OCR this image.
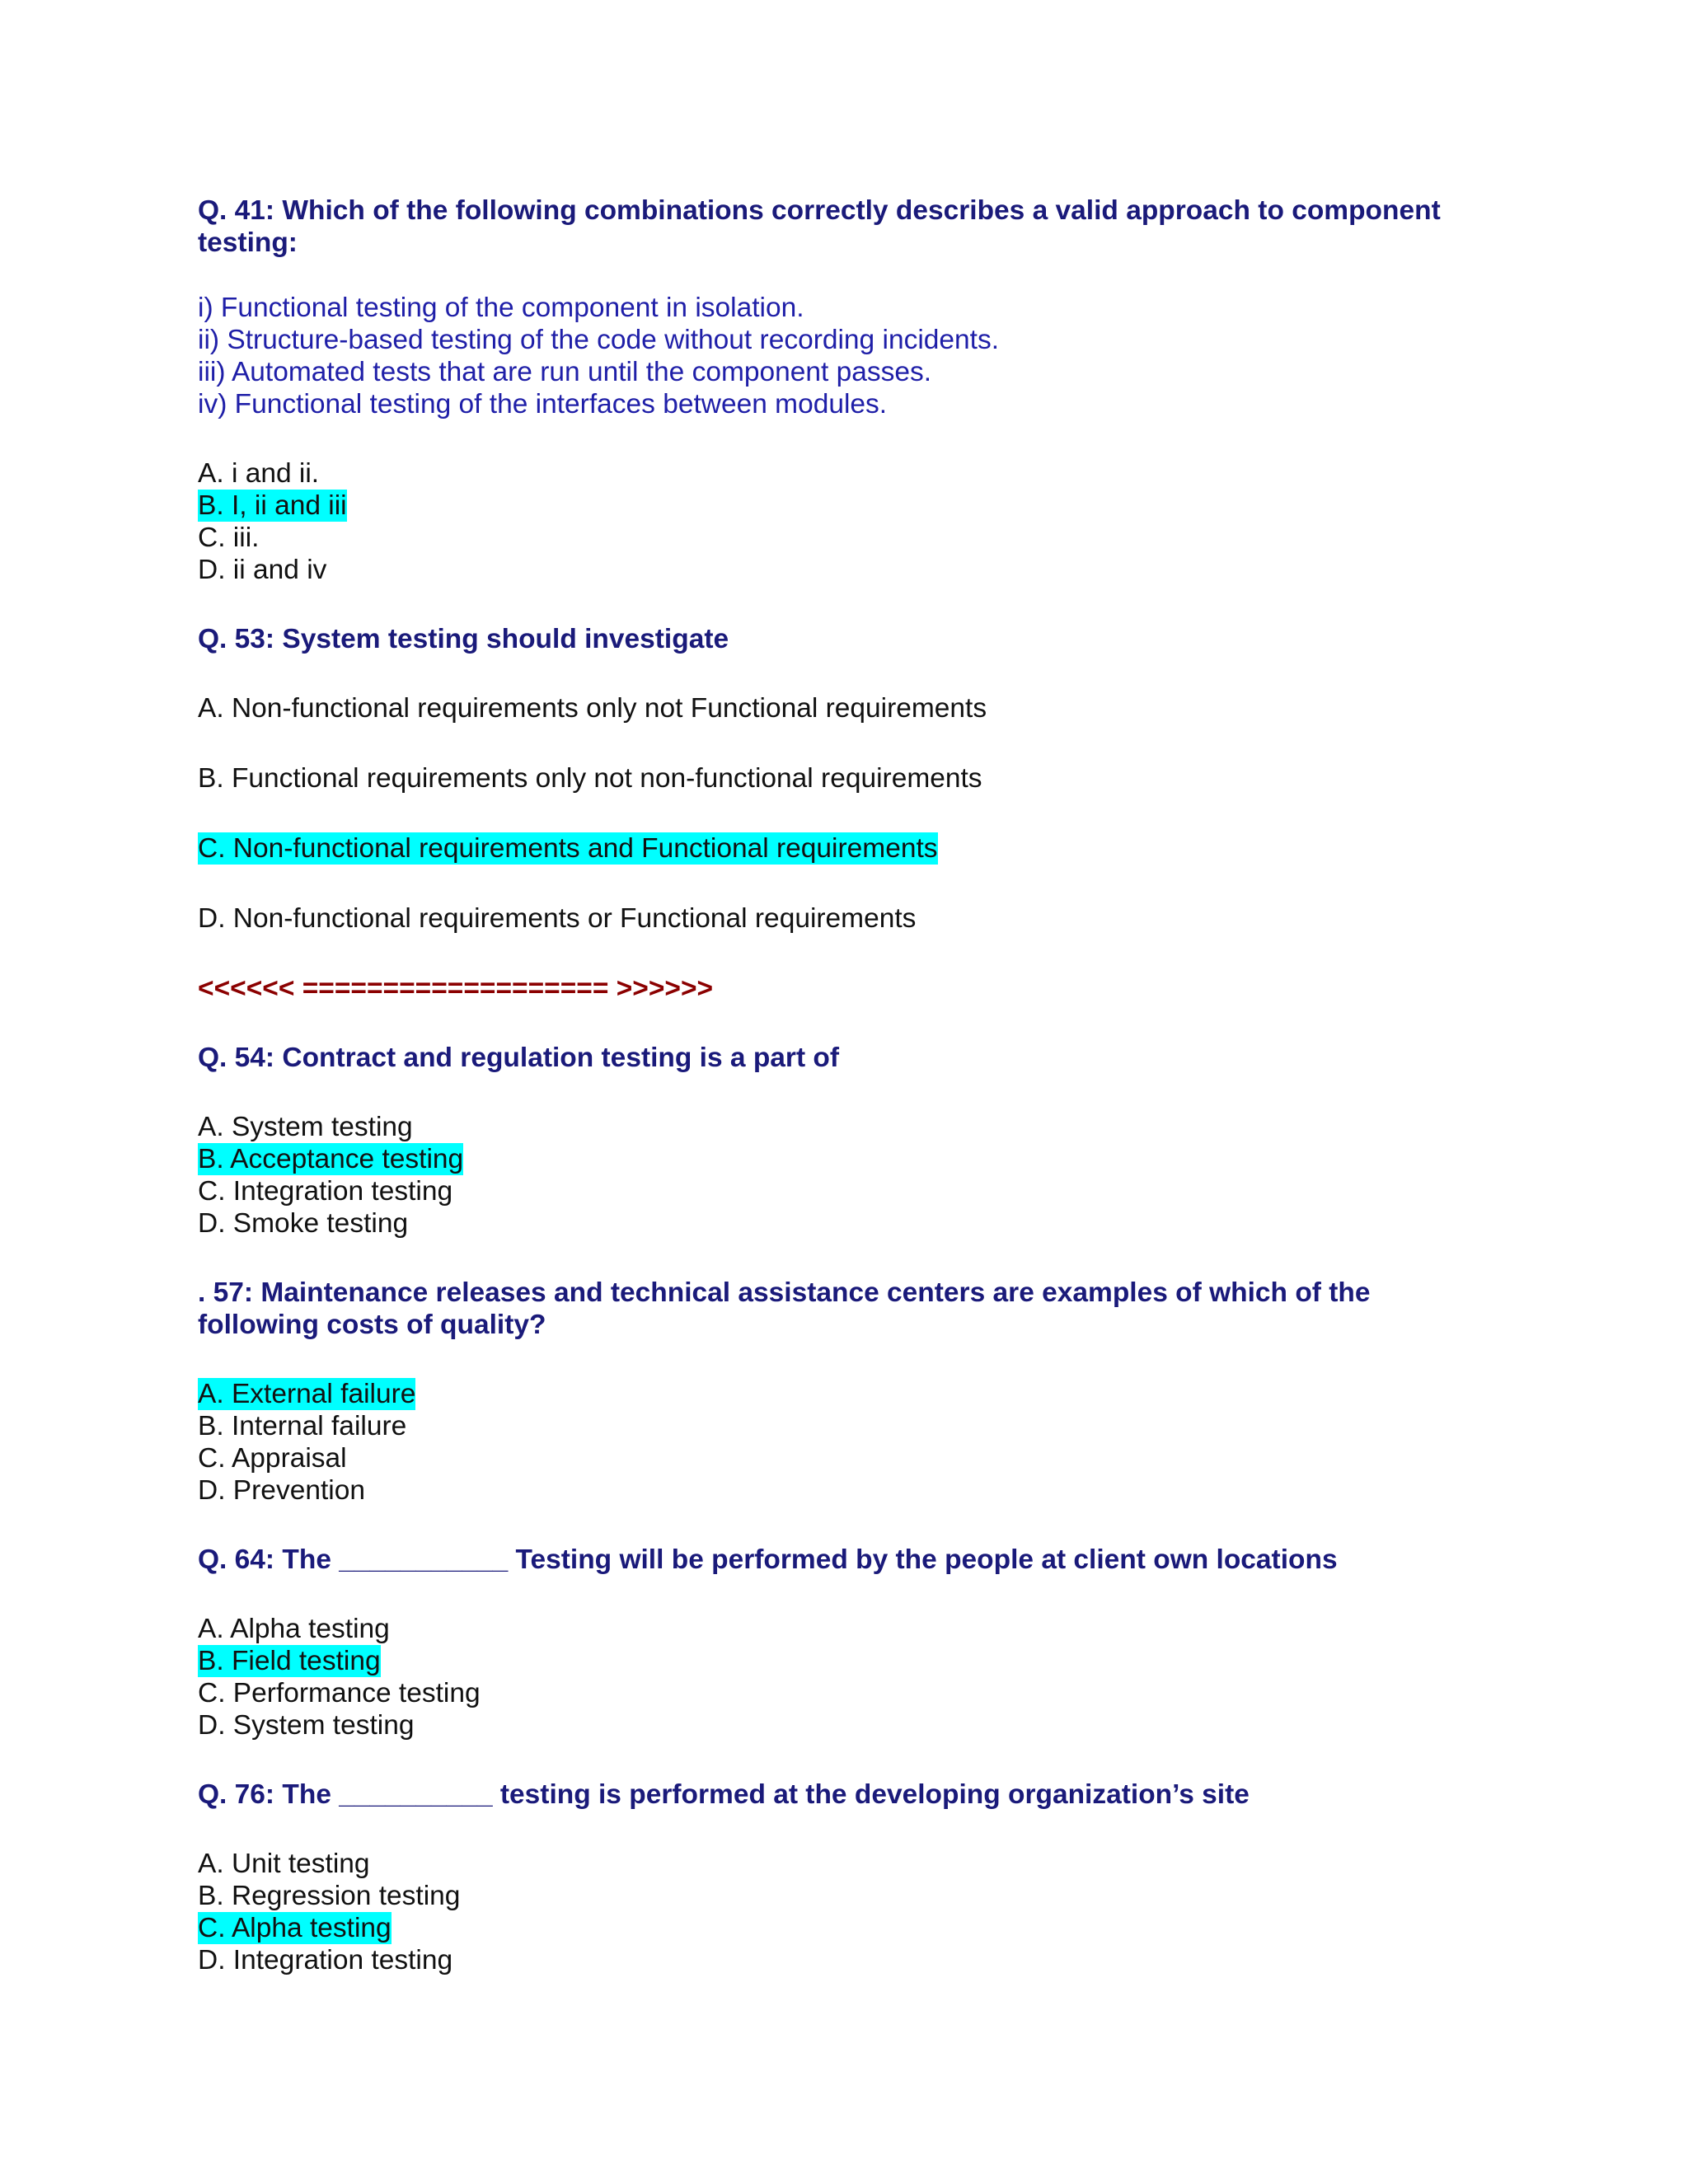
Q. 41: Which of the following combinations correctly describes a valid approach to component testing:

i) Functional testing of the component in isolation.

ii) Structure-based testing of the code without recording incidents.

iii) Automated tests that are run until the component passes.

iv) Functional testing of the interfaces between modules.

A. i and ii.

B. I, ii and iii

C. iii.

D. ii and iv

Q. 53: System testing should investigate

A. Non-functional requirements only not Functional requirements

B. Functional requirements only not non-functional requirements

C. Non-functional requirements and Functional requirements

D. Non-functional requirements or Functional requirements

<<<<<< =================== >>>>>>

Q. 54: Contract and regulation testing is a part of

A. System testing

B. Acceptance testing

C. Integration testing

D. Smoke testing

. 57: Maintenance releases and technical assistance centers are examples of which of the following costs of quality?

A. External failure

B. Internal failure

C. Appraisal

D. Prevention

Q. 64: The ___________ Testing will be performed by the people at client own locations

A. Alpha testing

B. Field testing

C. Performance testing

D. System testing

Q. 76: The __________ testing is performed at the developing organization’s site

A. Unit testing

B. Regression testing

C. Alpha testing

D. Integration testing
